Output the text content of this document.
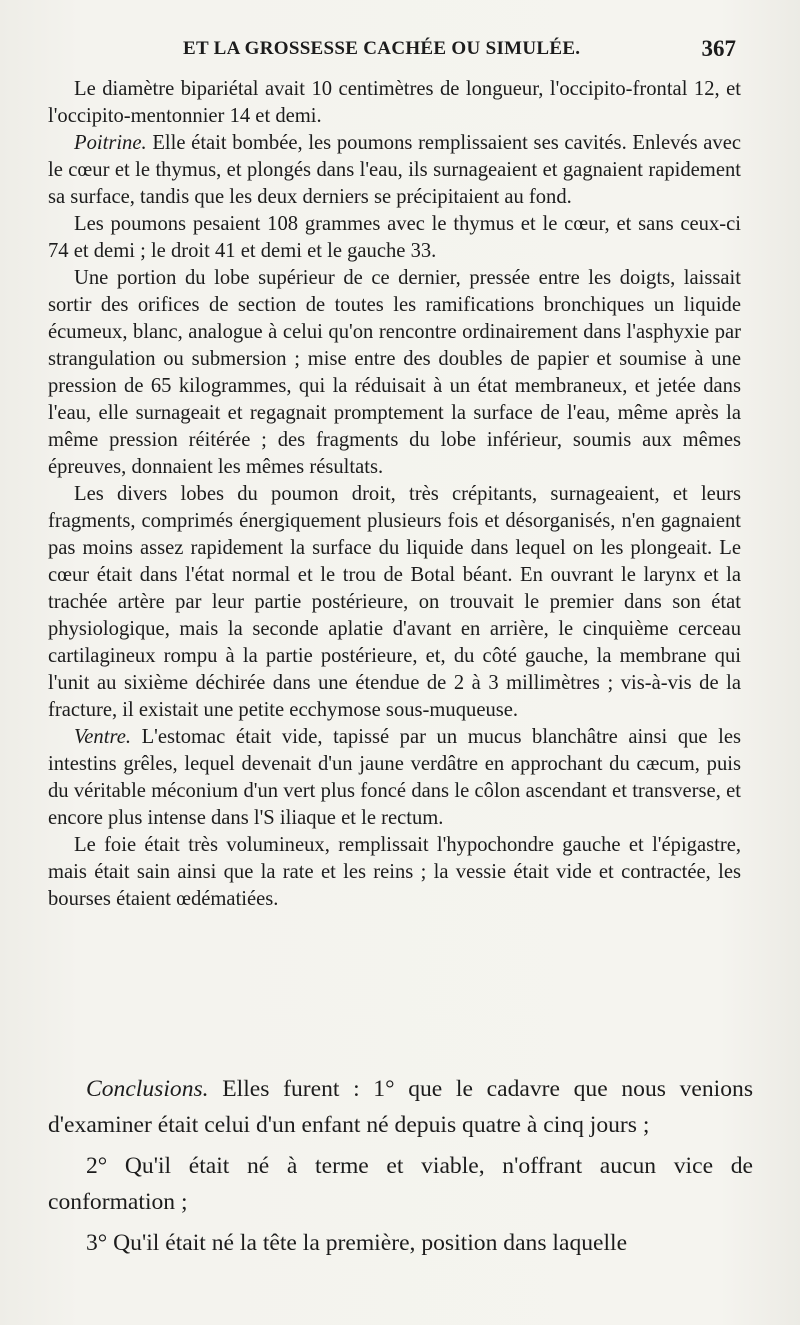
ET LA GROSSESSE CACHÉE OU SIMULÉE.	367

Le diamètre bipariétal avait 10 centimètres de longueur, l'occipito-frontal 12, et l'occipito-mentonnier 14 et demi.

Poitrine. Elle était bombée, les poumons remplissaient ses cavités. Enlevés avec le cœur et le thymus, et plongés dans l'eau, ils surnageaient et gagnaient rapidement sa surface, tandis que les deux derniers se précipitaient au fond.

Les poumons pesaient 108 grammes avec le thymus et le cœur, et sans ceux-ci 74 et demi ; le droit 41 et demi et le gauche 33.

Une portion du lobe supérieur de ce dernier, pressée entre les doigts, laissait sortir des orifices de section de toutes les ramifications bronchiques un liquide écumeux, blanc, analogue à celui qu'on rencontre ordinairement dans l'asphyxie par strangulation ou submersion ; mise entre des doubles de papier et soumise à une pression de 65 kilogrammes, qui la réduisait à un état membraneux, et jetée dans l'eau, elle surnageait et regagnait promptement la surface de l'eau, même après la même pression réitérée ; des fragments du lobe inférieur, soumis aux mêmes épreuves, donnaient les mêmes résultats.

Les divers lobes du poumon droit, très crépitants, surnageaient, et leurs fragments, comprimés énergiquement plusieurs fois et désorganisés, n'en gagnaient pas moins assez rapidement la surface du liquide dans lequel on les plongeait. Le cœur était dans l'état normal et le trou de Botal béant. En ouvrant le larynx et la trachée artère par leur partie postérieure, on trouvait le premier dans son état physiologique, mais la seconde aplatie d'avant en arrière, le cinquième cerceau cartilagineux rompu à la partie postérieure, et, du côté gauche, la membrane qui l'unit au sixième déchirée dans une étendue de 2 à 3 millimètres ; vis-à-vis de la fracture, il existait une petite ecchymose sous-muqueuse.

Ventre. L'estomac était vide, tapissé par un mucus blanchâtre ainsi que les intestins grêles, lequel devenait d'un jaune verdâtre en approchant du cæcum, puis du véritable méconium d'un vert plus foncé dans le côlon ascendant et transverse, et encore plus intense dans l'S iliaque et le rectum.

Le foie était très volumineux, remplissait l'hypochondre gauche et l'épigastre, mais était sain ainsi que la rate et les reins ; la vessie était vide et contractée, les bourses étaient œdématiées.

Conclusions. Elles furent : 1° que le cadavre que nous venions d'examiner était celui d'un enfant né depuis quatre à cinq jours ;

2° Qu'il était né à terme et viable, n'offrant aucun vice de conformation ;

3° Qu'il était né la tête la première, position dans laquelle
